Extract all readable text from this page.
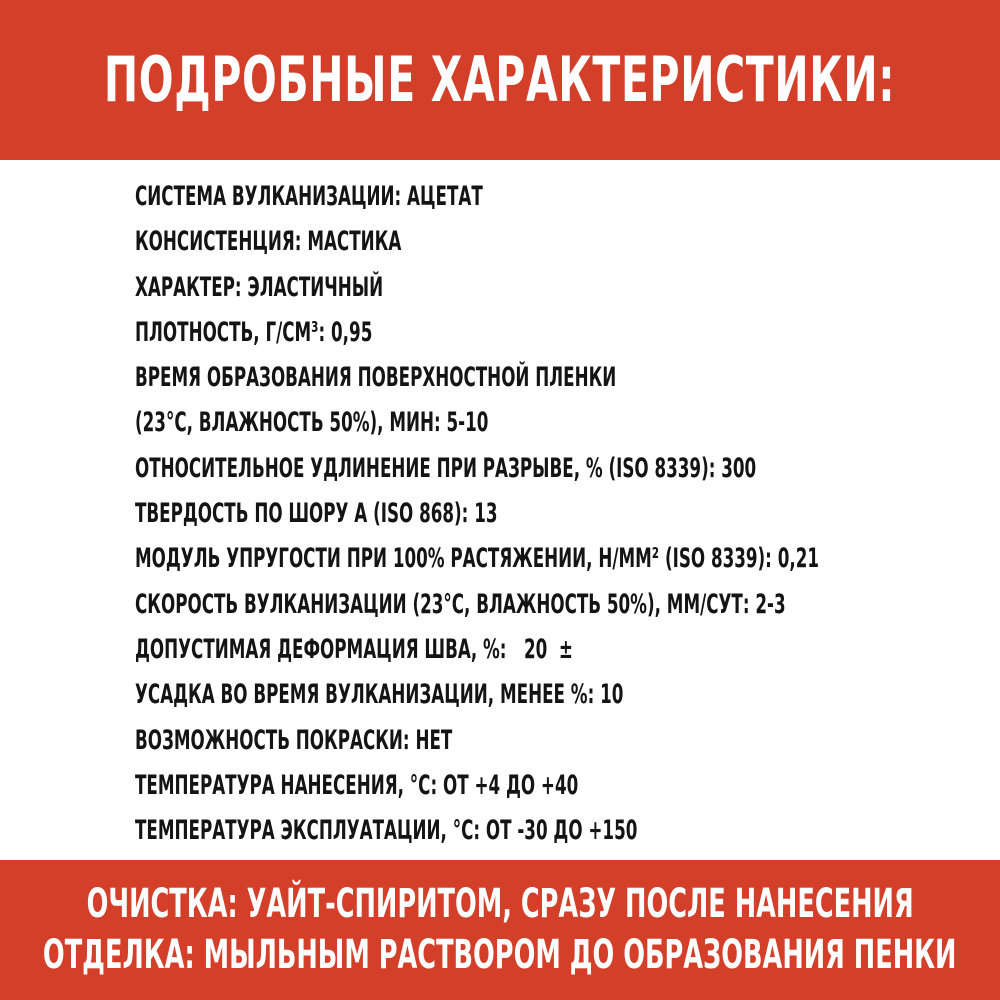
ПОДРОБНЫЕ ХАРАКТЕРИСТИКИ:
СИСТЕМА ВУЛКАНИЗАЦИИ: АЦЕТАТ
КОНСИСТЕНЦИЯ: МАСТИКА
ХАРАКТЕР: ЭЛАСТИЧНЫЙ
ПЛОТНОСТЬ, Г/СМ³: 0,95
ВРЕМЯ ОБРАЗОВАНИЯ ПОВЕРХНОСТНОЙ ПЛЕНКИ
(23°С, ВЛАЖНОСТЬ 50%), МИН: 5-10
ОТНОСИТЕЛЬНОЕ УДЛИНЕНИЕ ПРИ РАЗРЫВЕ, % (ISO 8339): 300
ТВЕРДОСТЬ ПО ШОРУ А (ISO 868): 13
МОДУЛЬ УПРУГОСТИ ПРИ 100% РАСТЯЖЕНИИ, Н/ММ² (ISO 8339): 0,21
СКОРОСТЬ ВУЛКАНИЗАЦИИ (23°С, ВЛАЖНОСТЬ 50%), ММ/СУТ: 2-3
ДОПУСТИМАЯ ДЕФОРМАЦИЯ ШВА, %:   20  ±
УСАДКА ВО ВРЕМЯ ВУЛКАНИЗАЦИИ, МЕНЕЕ %: 10
ВОЗМОЖНОСТЬ ПОКРАСКИ: НЕТ
ТЕМПЕРАТУРА НАНЕСЕНИЯ, °С: ОТ +4 ДО +40
ТЕМПЕРАТУРА ЭКСПЛУАТАЦИИ, °С: ОТ -30 ДО +150
ОЧИСТКА: УАЙТ-СПИРИТОМ, СРАЗУ ПОСЛЕ НАНЕСЕНИЯ
ОТДЕЛКА: МЫЛЬНЫМ РАСТВОРОМ ДО ОБРАЗОВАНИЯ ПЕНКИ
